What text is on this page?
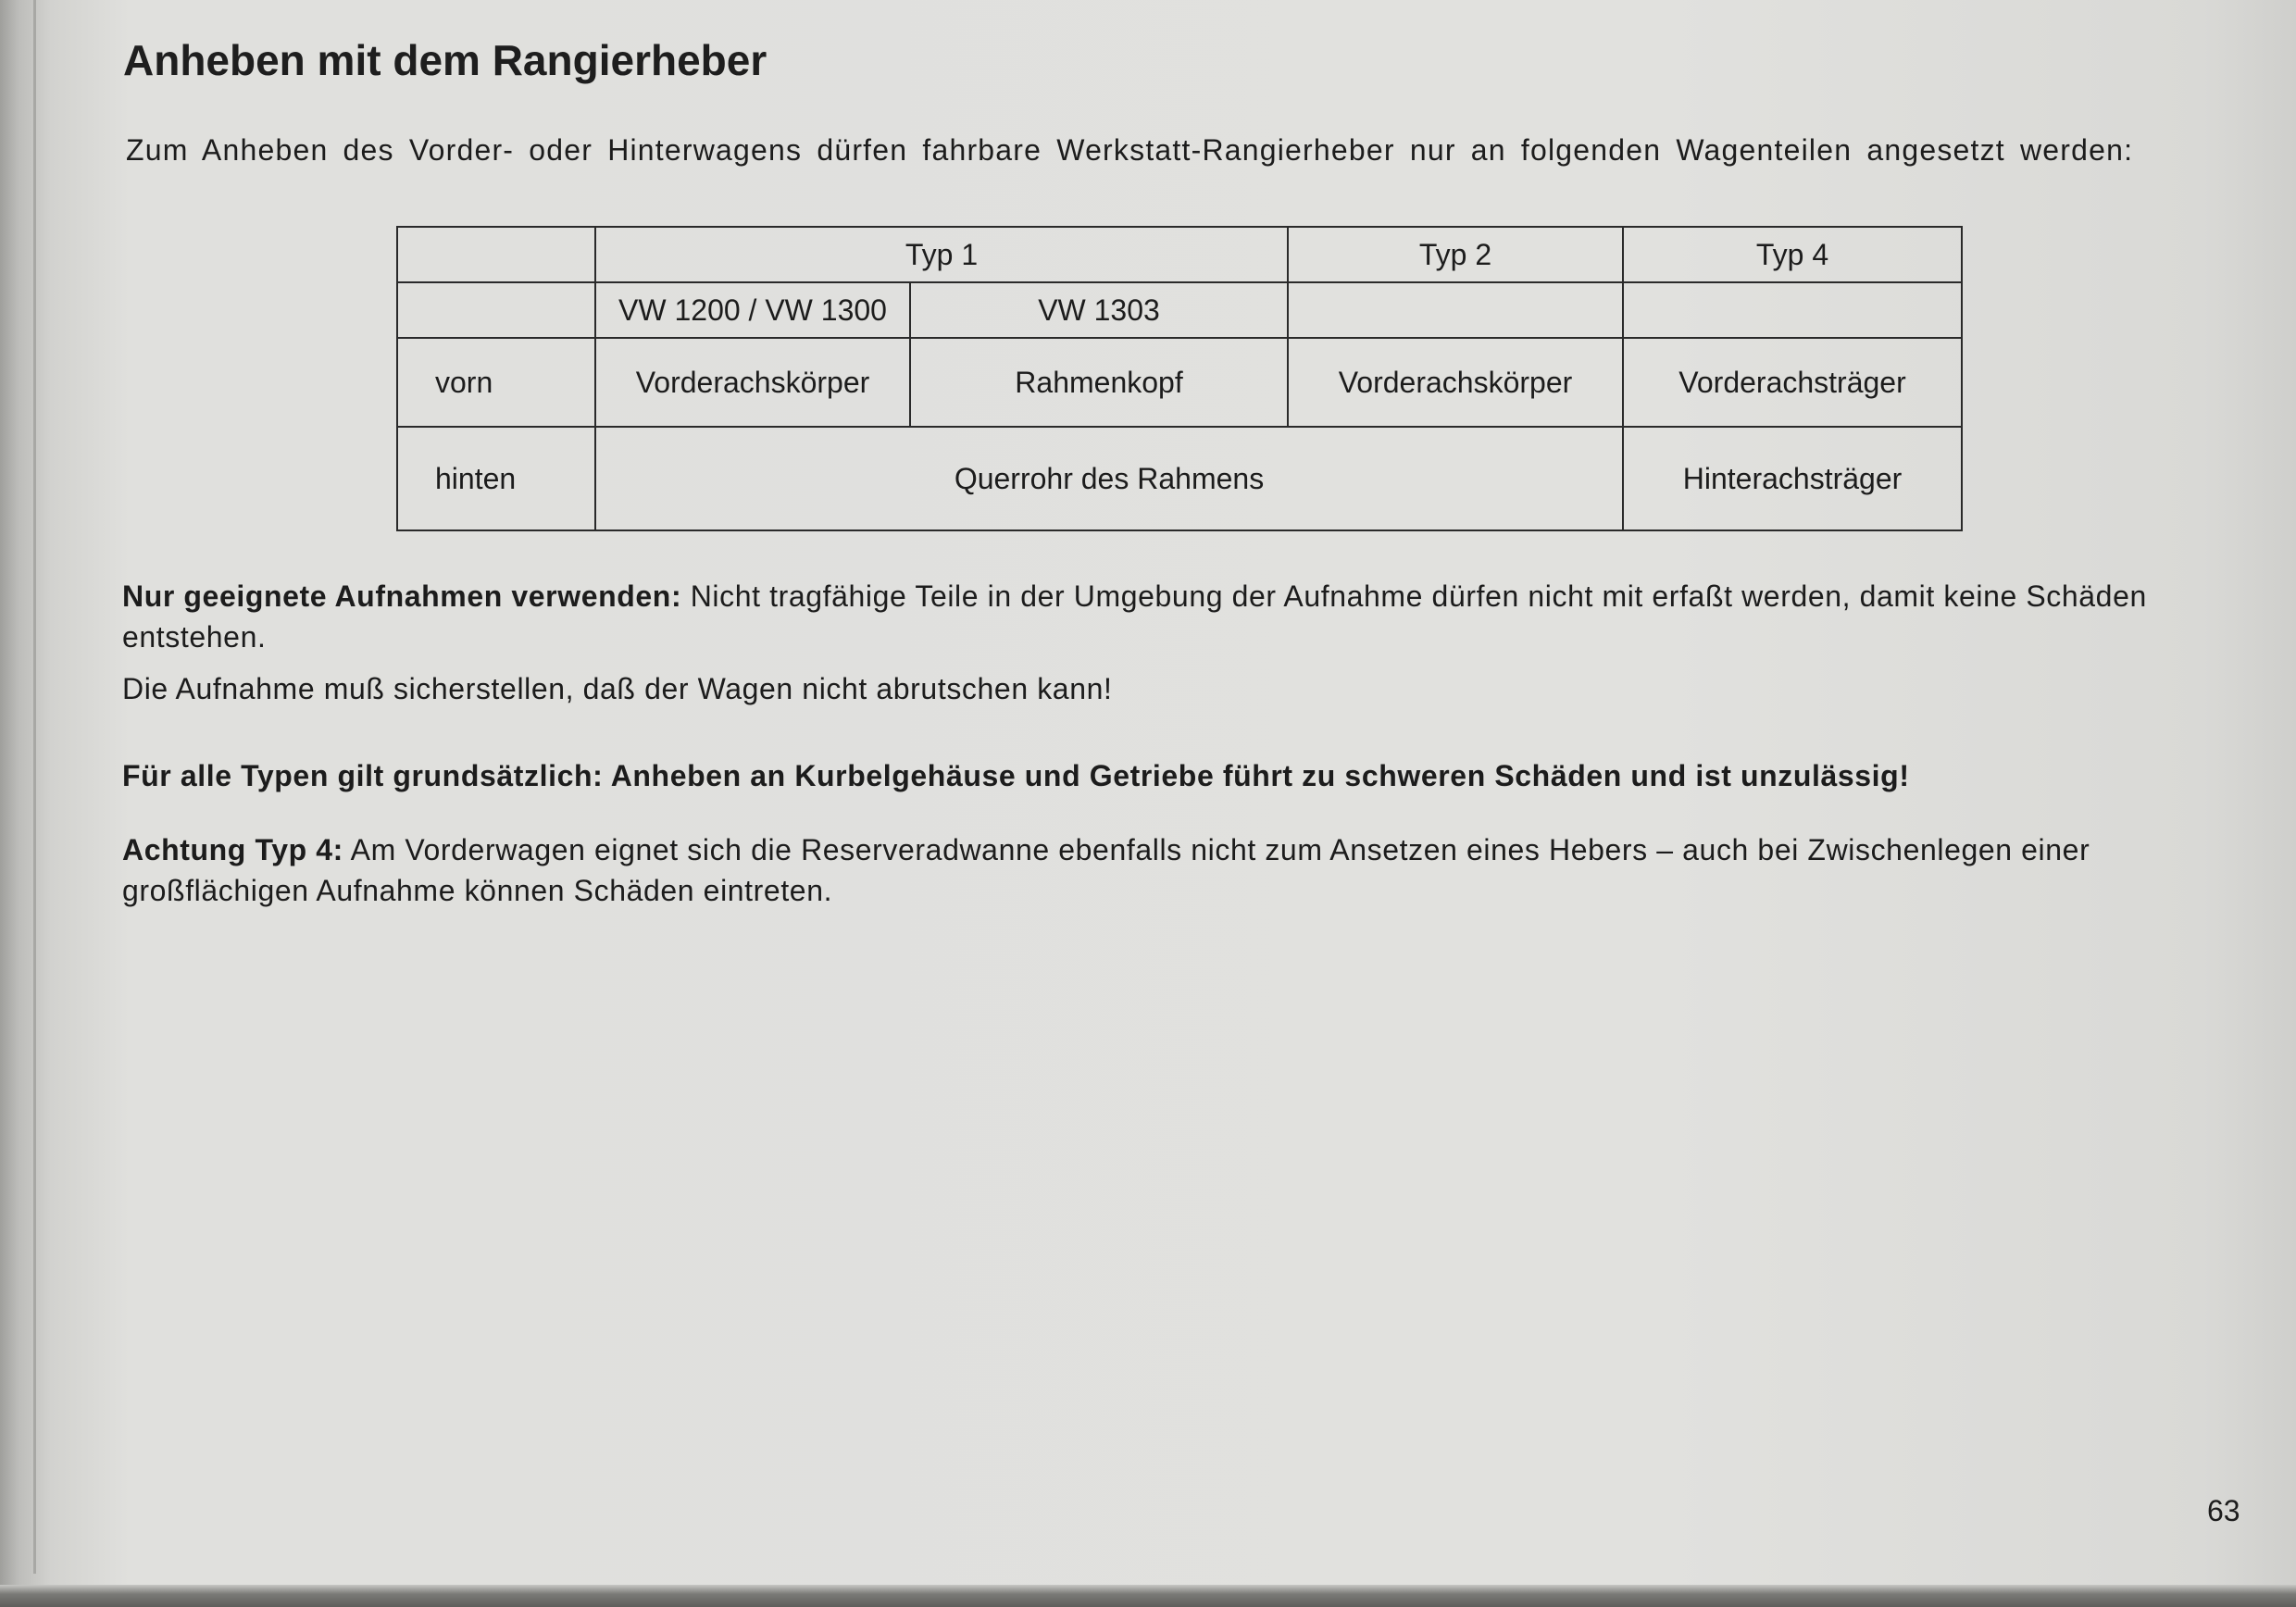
Anheben mit dem Rangierheber

Zum Anheben des Vorder- oder Hinterwagens dürfen fahrbare Werkstatt-Rangierheber nur an folgenden Wagenteilen angesetzt werden:

	Typ 1		Typ 2	Typ 4
	VW 1200 / VW 1300	VW 1303		
vorn	Vorderachskörper	Rahmenkopf	Vorderachskörper	Vorderachsträger
hinten	Querrohr des Rahmens			Hinterachsträger

Nur geeignete Aufnahmen verwenden: Nicht tragfähige Teile in der Umgebung der Aufnahme dürfen nicht mit erfaßt werden, damit keine Schäden entstehen.

Die Aufnahme muß sicherstellen, daß der Wagen nicht abrutschen kann!

Für alle Typen gilt grundsätzlich: Anheben an Kurbelgehäuse und Getriebe führt zu schweren Schäden und ist unzulässig!

Achtung Typ 4: Am Vorderwagen eignet sich die Reserveradwanne ebenfalls nicht zum Ansetzen eines Hebers – auch bei Zwischenlegen einer großflächigen Aufnahme können Schäden eintreten.

63
